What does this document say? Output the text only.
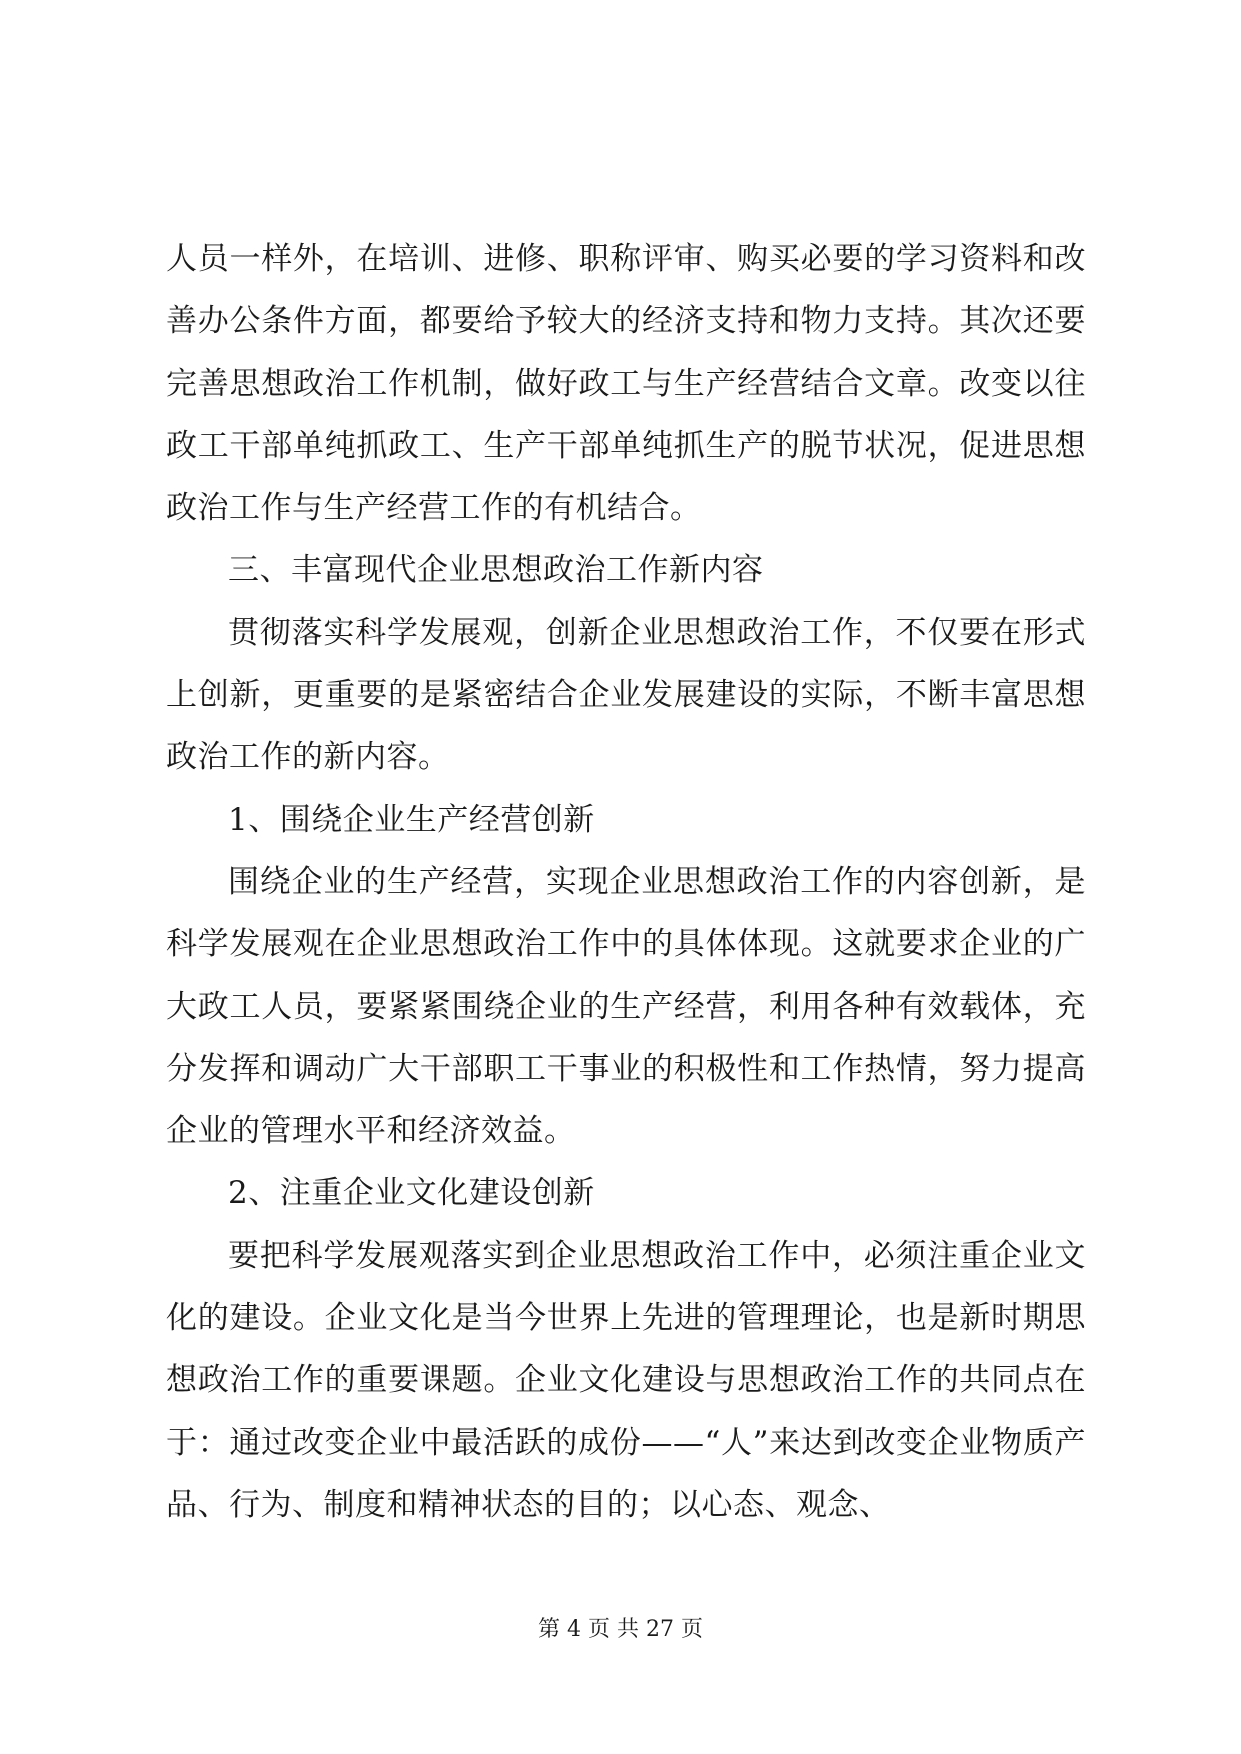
人员一样外，在培训、进修、职称评审、购买必要的学习资料和改善办公条件方面，都要给予较大的经济支持和物力支持。其次还要完善思想政治工作机制，做好政工与生产经营结合文章。改变以往政工干部单纯抓政工、生产干部单纯抓生产的脱节状况，促进思想政治工作与生产经营工作的有机结合。

三、丰富现代企业思想政治工作新内容

贯彻落实科学发展观，创新企业思想政治工作，不仅要在形式上创新，更重要的是紧密结合企业发展建设的实际，不断丰富思想政治工作的新内容。

1、围绕企业生产经营创新

围绕企业的生产经营，实现企业思想政治工作的内容创新，是科学发展观在企业思想政治工作中的具体体现。这就要求企业的广大政工人员，要紧紧围绕企业的生产经营，利用各种有效载体，充分发挥和调动广大干部职工干事业的积极性和工作热情，努力提高企业的管理水平和经济效益。

2、注重企业文化建设创新

要把科学发展观落实到企业思想政治工作中，必须注重企业文化的建设。企业文化是当今世界上先进的管理理论，也是新时期思想政治工作的重要课题。企业文化建设与思想政治工作的共同点在于：通过改变企业中最活跃的成份——“人”来达到改变企业物质产品、行为、制度和精神状态的目的；以心态、观念、

第 4 页 共 27 页
